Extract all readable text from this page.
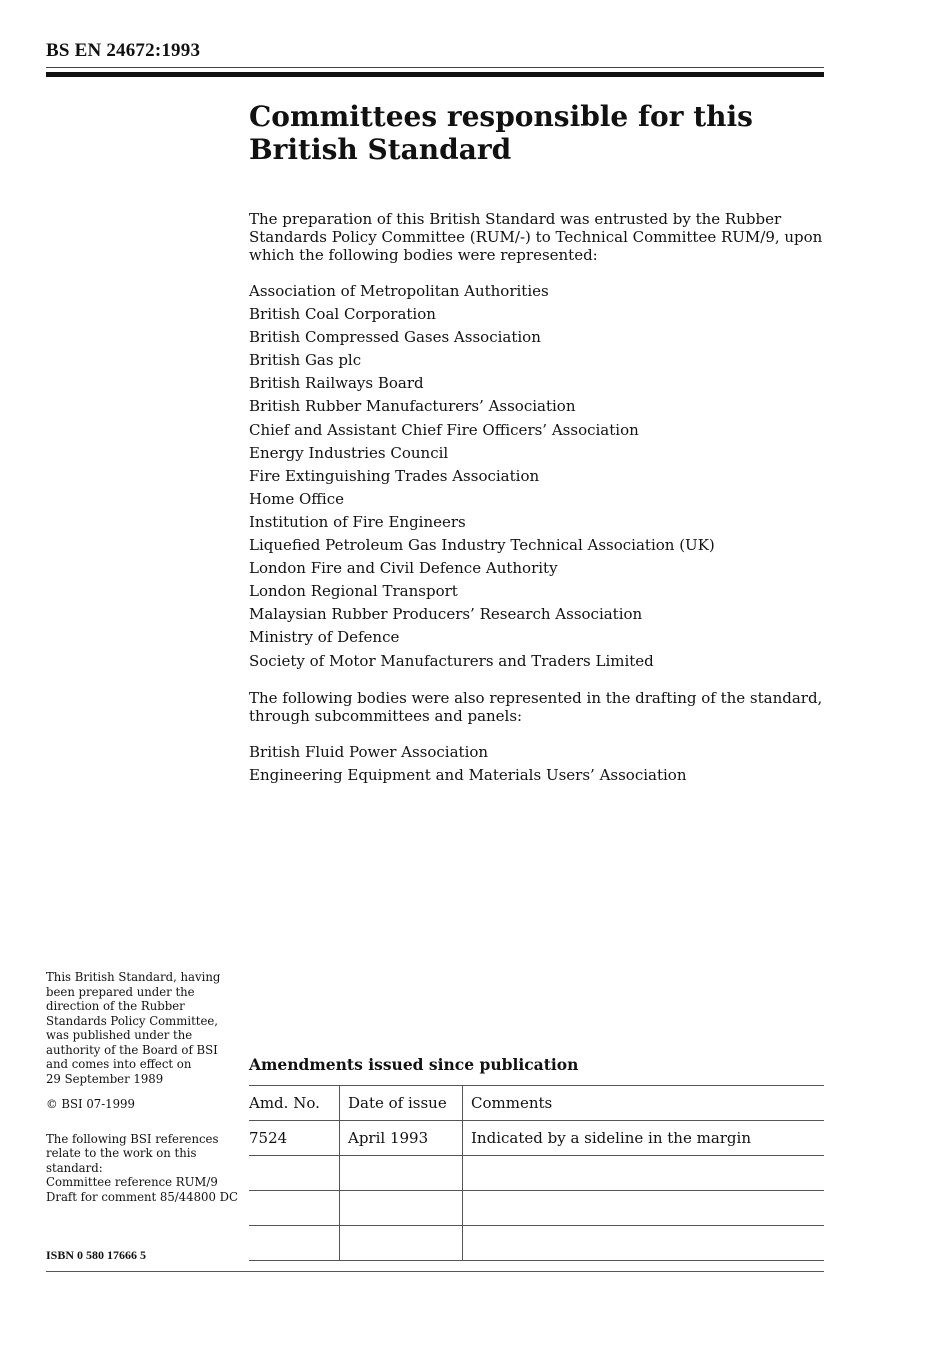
BS EN 24672:1993
Committees responsible for this
British Standard

The preparation of this British Standard was entrusted by the Rubber Standards Policy Committee (RUM/-) to Technical Committee RUM/9, upon which the following bodies were represented:

Association of Metropolitan Authorities
British Coal Corporation
British Compressed Gases Association
British Gas plc
British Railways Board
British Rubber Manufacturers’ Association
Chief and Assistant Chief Fire Officers’ Association
Energy Industries Council
Fire Extinguishing Trades Association
Home Office
Institution of Fire Engineers
Liquefied Petroleum Gas Industry Technical Association (UK)
London Fire and Civil Defence Authority
London Regional Transport
Malaysian Rubber Producers’ Research Association
Ministry of Defence
Society of Motor Manufacturers and Traders Limited

The following bodies were also represented in the drafting of the standard, through subcommittees and panels:

British Fluid Power Association
Engineering Equipment and Materials Users’ Association

This British Standard, having
been prepared under the
direction of the Rubber
Standards Policy Committee,
was published under the
authority of the Board of BSI
and comes into effect on
29 September 1989

© BSI 07-1999

The following BSI references
relate to the work on this
standard:
Committee reference RUM/9
Draft for comment 85/44800 DC

ISBN 0 580 17666 5
Amendments issued since publication
Amd. No.	Date of issue	Comments
7524	April 1993	Indicated by a sideline in the margin
